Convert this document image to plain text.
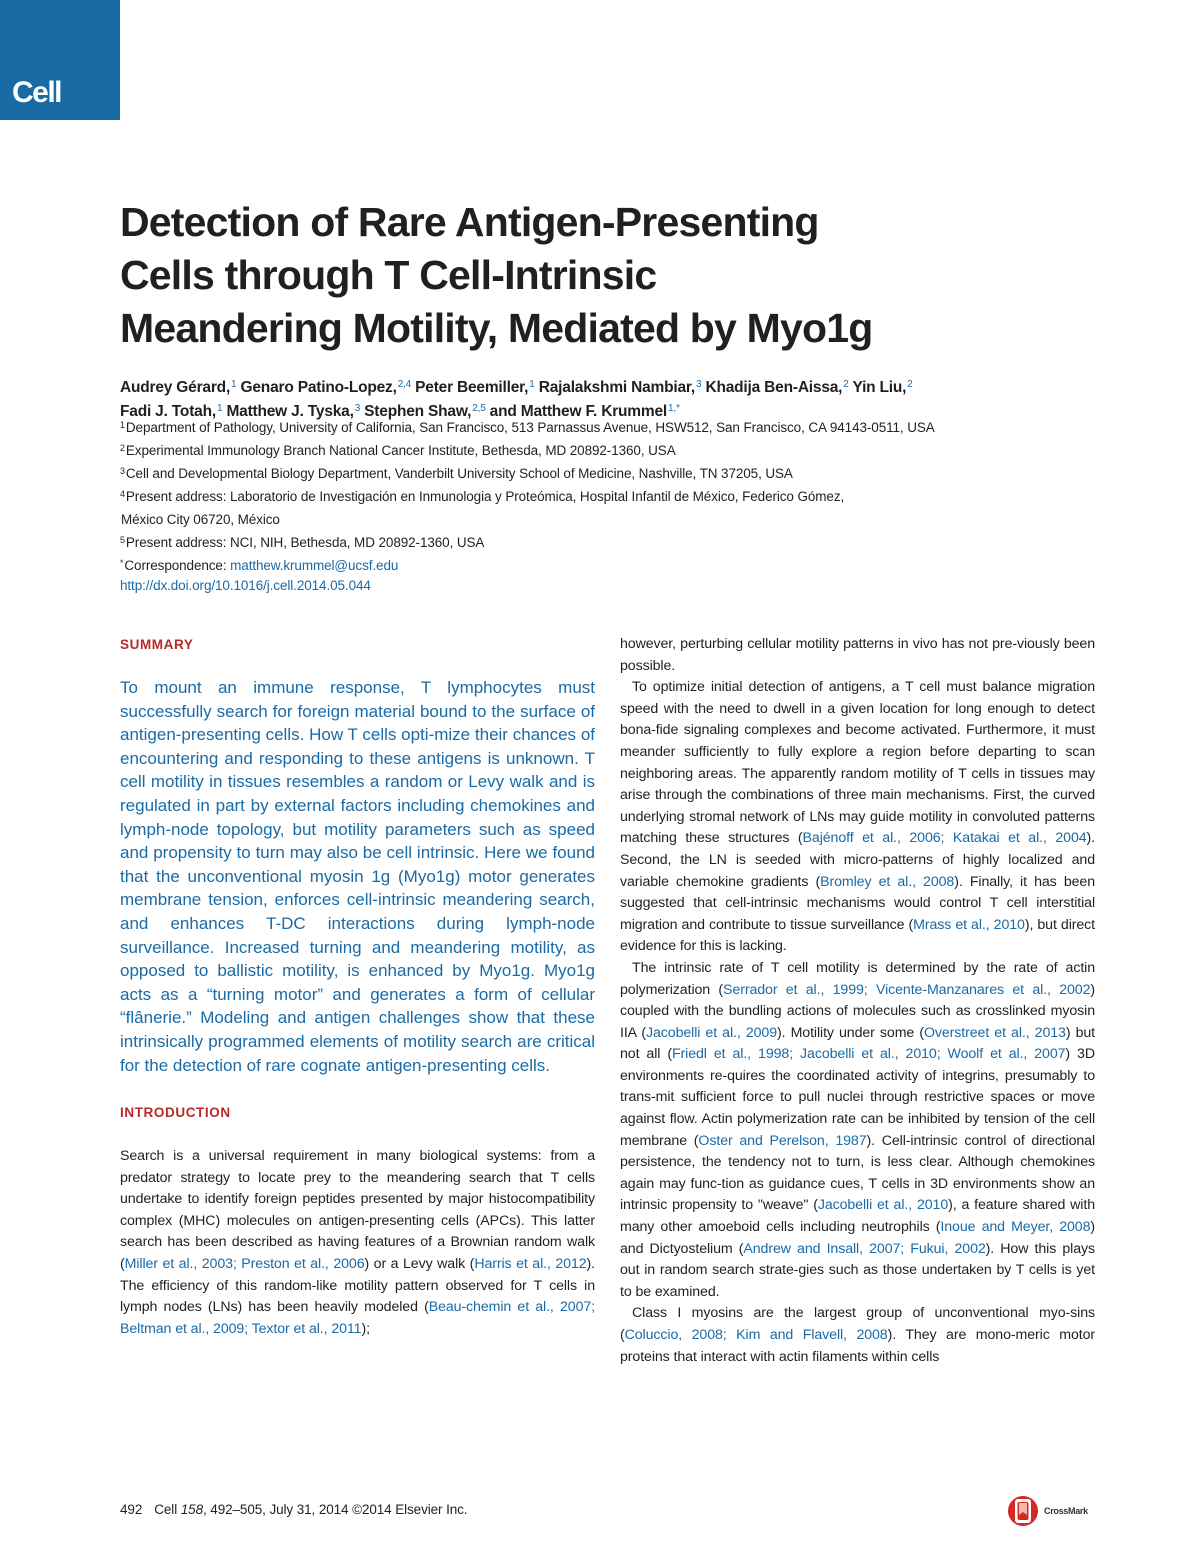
Cell
Detection of Rare Antigen-Presenting
Cells through T Cell-Intrinsic
Meandering Motility, Mediated by Myo1g
Audrey Gérard,$^1$ Genaro Patino-Lopez,$^{2,4}$ Peter Beemiller,$^1$ Rajalakshmi Nambiar,$^3$ Khadija Ben-Aissa,$^2$ Yin Liu,$^2$
Fadi J. Totah,$^1$ Matthew J. Tyska,$^3$ Stephen Shaw,$^{2,5}$ and Matthew F. Krummel$^{1,*}$
$^1$Department of Pathology, University of California, San Francisco, 513 Parnassus Avenue, HSW512, San Francisco, CA 94143-0511, USA
$^2$Experimental Immunology Branch National Cancer Institute, Bethesda, MD 20892-1360, USA
$^3$Cell and Developmental Biology Department, Vanderbilt University School of Medicine, Nashville, TN 37205, USA
$^4$Present address: Laboratorio de Investigación en Inmunologia y Proteómica, Hospital Infantil de México, Federico Gómez,
México City 06720, México
$^5$Present address: NCI, NIH, Bethesda, MD 20892-1360, USA
*Correspondence: matthew.krummel@ucsf.edu
http://dx.doi.org/10.1016/j.cell.2014.05.044
SUMMARY

To mount an immune response, T lymphocytes must successfully search for foreign material bound to the surface of antigen-presenting cells. How T cells opti-mize their chances of encountering and responding to these antigens is unknown. T cell motility in tissues resembles a random or Levy walk and is regulated in part by external factors including chemokines and lymph-node topology, but motility parameters such as speed and propensity to turn may also be cell intrinsic. Here we found that the unconventional myosin 1g (Myo1g) motor generates membrane tension, enforces cell-intrinsic meandering search, and enhances T-DC interactions during lymph-node surveillance. Increased turning and meandering motility, as opposed to ballistic motility, is enhanced by Myo1g. Myo1g acts as a “turning motor” and generates a form of cellular “flânerie.” Modeling and antigen challenges show that these intrinsically programmed elements of motility search are critical for the detection of rare cognate antigen-presenting cells.

INTRODUCTION

Search is a universal requirement in many biological systems: from a predator strategy to locate prey to the meandering search that T cells undertake to identify foreign peptides presented by major histocompatibility complex (MHC) molecules on antigen-presenting cells (APCs). This latter search has been described as having features of a Brownian random walk (Miller et al., 2003; Preston et al., 2006) or a Levy walk (Harris et al., 2012). The efficiency of this random-like motility pattern observed for T cells in lymph nodes (LNs) has been heavily modeled (Beau-chemin et al., 2007; Beltman et al., 2009; Textor et al., 2011);

however, perturbing cellular motility patterns in vivo has not pre-viously been possible.

To optimize initial detection of antigens, a T cell must balance migration speed with the need to dwell in a given location for long enough to detect bona-fide signaling complexes and become activated. Furthermore, it must meander sufficiently to fully explore a region before departing to scan neighboring areas. The apparently random motility of T cells in tissues may arise through the combinations of three main mechanisms. First, the curved underlying stromal network of LNs may guide motility in convoluted patterns matching these structures (Bajénoff et al., 2006; Katakai et al., 2004). Second, the LN is seeded with micro-patterns of highly localized and variable chemokine gradients (Bromley et al., 2008). Finally, it has been suggested that cell-intrinsic mechanisms would control T cell interstitial migration and contribute to tissue surveillance (Mrass et al., 2010), but direct evidence for this is lacking.

The intrinsic rate of T cell motility is determined by the rate of actin polymerization (Serrador et al., 1999; Vicente-Manzanares et al., 2002) coupled with the bundling actions of molecules such as crosslinked myosin IIA (Jacobelli et al., 2009). Motility under some (Overstreet et al., 2013) but not all (Friedl et al., 1998; Jacobelli et al., 2010; Woolf et al., 2007) 3D environments re-quires the coordinated activity of integrins, presumably to trans-mit sufficient force to pull nuclei through restrictive spaces or move against flow. Actin polymerization rate can be inhibited by tension of the cell membrane (Oster and Perelson, 1987). Cell-intrinsic control of directional persistence, the tendency not to turn, is less clear. Although chemokines again may func-tion as guidance cues, T cells in 3D environments show an intrinsic propensity to "weave" (Jacobelli et al., 2010), a feature shared with many other amoeboid cells including neutrophils (Inoue and Meyer, 2008) and Dictyostelium (Andrew and Insall, 2007; Fukui, 2002). How this plays out in random search strate-gies such as those undertaken by T cells is yet to be examined.

Class I myosins are the largest group of unconventional myo-sins (Coluccio, 2008; Kim and Flavell, 2008). They are mono-meric motor proteins that interact with actin filaments within cells

492 Cell 158, 492–505, July 31, 2014 ©2014 Elsevier Inc.	CrossMark
